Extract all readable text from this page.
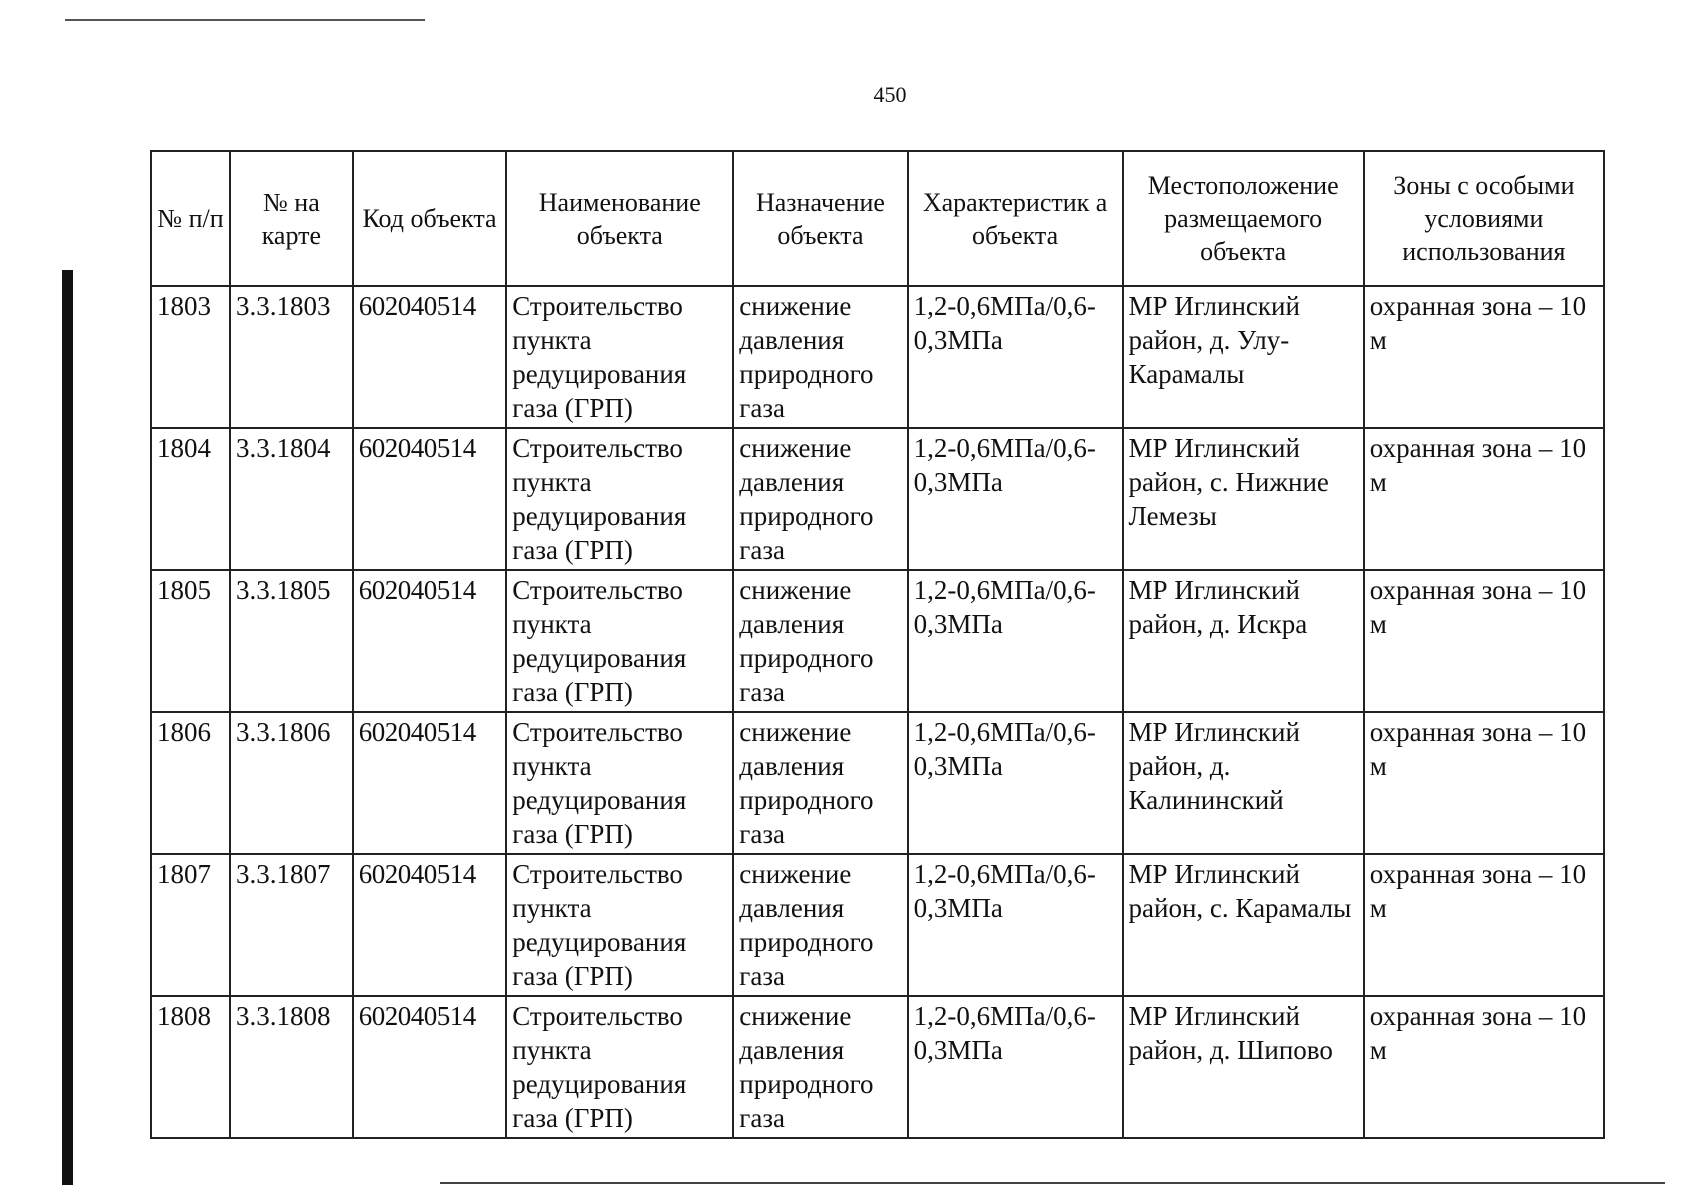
450
№ п/п	№ на карте	Код объекта	Наименование объекта	Назначение объекта	Характеристик а объекта	Местоположение размещаемого объекта	Зоны с особыми условиями использования
1803	3.3.1803	602040514	Строительство пункта редуцирования газа (ГРП)	снижение давления природного газа	1,2-0,6МПа/0,6-0,3МПа	МР Иглинский район, д. Улу-Карамалы	охранная зона – 10 м
1804	3.3.1804	602040514	Строительство пункта редуцирования газа (ГРП)	снижение давления природного газа	1,2-0,6МПа/0,6-0,3МПа	МР Иглинский район, с. Нижние Лемезы	охранная зона – 10 м
1805	3.3.1805	602040514	Строительство пункта редуцирования газа (ГРП)	снижение давления природного газа	1,2-0,6МПа/0,6-0,3МПа	МР Иглинский район, д. Искра	охранная зона – 10 м
1806	3.3.1806	602040514	Строительство пункта редуцирования газа (ГРП)	снижение давления природного газа	1,2-0,6МПа/0,6-0,3МПа	МР Иглинский район, д. Калининский	охранная зона – 10 м
1807	3.3.1807	602040514	Строительство пункта редуцирования газа (ГРП)	снижение давления природного газа	1,2-0,6МПа/0,6-0,3МПа	МР Иглинский район, с. Карамалы	охранная зона – 10 м
1808	3.3.1808	602040514	Строительство пункта редуцирования газа (ГРП)	снижение давления природного газа	1,2-0,6МПа/0,6-0,3МПа	МР Иглинский район, д. Шипово	охранная зона – 10 м
